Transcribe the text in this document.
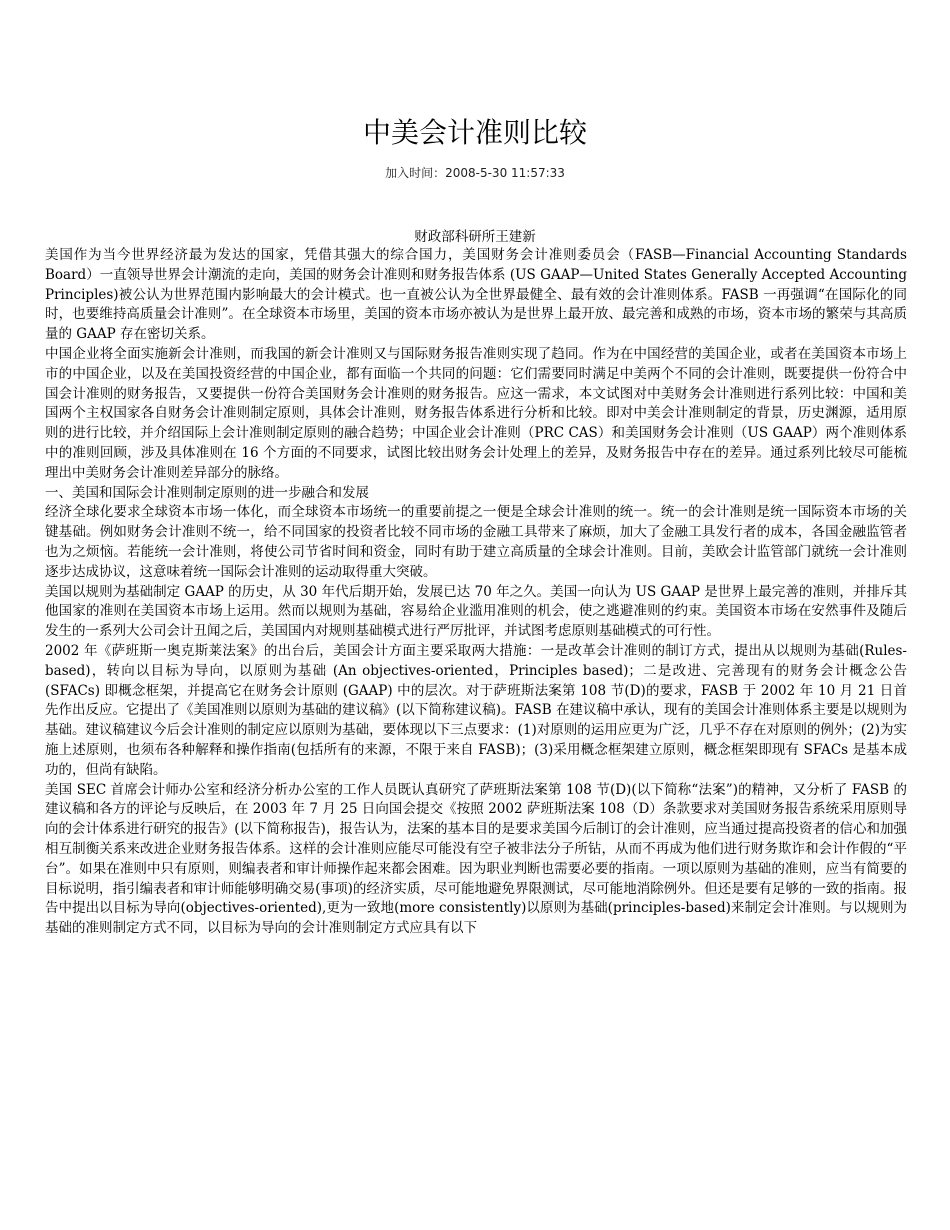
中美会计准则比较
加入时间：2008-5-30 11:57:33
财政部科研所王建新

美国作为当今世界经济最为发达的国家，凭借其强大的综合国力，美国财务会计准则委员会（FASB—Financial Accounting Standards Board）一直领导世界会计潮流的走向，美国的财务会计准则和财务报告体系 (US GAAP—United States Generally Accepted Accounting Principles)被公认为世界范围内影响最大的会计模式。也一直被公认为全世界最健全、最有效的会计准则体系。FASB 一再强调“在国际化的同时，也要维持高质量会计准则”。在全球资本市场里，美国的资本市场亦被认为是世界上最开放、最完善和成熟的市场，资本市场的繁荣与其高质量的 GAAP 存在密切关系。

中国企业将全面实施新会计准则，而我国的新会计准则又与国际财务报告准则实现了趋同。作为在中国经营的美国企业，或者在美国资本市场上市的中国企业，以及在美国投资经营的中国企业，都有面临一个共同的问题：它们需要同时满足中美两个不同的会计准则，既要提供一份符合中国会计准则的财务报告，又要提供一份符合美国财务会计准则的财务报告。应这一需求，本文试图对中美财务会计准则进行系列比较：中国和美国两个主权国家各自财务会计准则制定原则，具体会计准则，财务报告体系进行分析和比较。即对中美会计准则制定的背景，历史渊源，适用原则的进行比较，并介绍国际上会计准则制定原则的融合趋势；中国企业会计准则（PRC CAS）和美国财务会计准则（US GAAP）两个准则体系中的准则回顾，涉及具体准则在 16 个方面的不同要求，试图比较出财务会计处理上的差异，及财务报告中存在的差异。通过系列比较尽可能梳理出中美财务会计准则差异部分的脉络。

一、美国和国际会计准则制定原则的进一步融合和发展

经济全球化要求全球资本市场一体化，而全球资本市场统一的重要前提之一便是全球会计准则的统一。统一的会计准则是统一国际资本市场的关键基础。例如财务会计准则不统一，给不同国家的投资者比较不同市场的金融工具带来了麻烦，加大了金融工具发行者的成本，各国金融监管者也为之烦恼。若能统一会计准则，将使公司节省时间和资金，同时有助于建立高质量的全球会计准则。目前，美欧会计监管部门就统一会计准则逐步达成协议，这意味着统一国际会计准则的运动取得重大突破。

美国以规则为基础制定 GAAP 的历史，从 30 年代后期开始，发展已达 70 年之久。美国一向认为 US GAAP 是世界上最完善的准则，并排斥其他国家的准则在美国资本市场上运用。然而以规则为基础，容易给企业滥用准则的机会，使之逃避准则的约束。美国资本市场在安然事件及随后发生的一系列大公司会计丑闻之后，美国国内对规则基础模式进行严厉批评，并试图考虑原则基础模式的可行性。

2002 年《萨班斯一奥克斯莱法案》的出台后，美国会计方面主要采取两大措施：一是改革会计准则的制订方式，提出从以规则为基础(Rules-based)，转向以目标为导向，以原则为基础 (An objectives-oriented，Principles based)；二是改进、完善现有的财务会计概念公告 (SFACs) 即概念框架，并提高它在财务会计原则 (GAAP) 中的层次。对于萨班斯法案第 108 节(D)的要求，FASB 于 2002 年 10 月 21 日首先作出反应。它提出了《美国准则以原则为基础的建议稿》(以下简称建议稿)。FASB 在建议稿中承认，现有的美国会计准则体系主要是以规则为基础。建议稿建议今后会计准则的制定应以原则为基础，要体现以下三点要求：(1)对原则的运用应更为广泛，几乎不存在对原则的例外；(2)为实施上述原则，也须布各种解释和操作指南(包括所有的来源，不限于来自 FASB)；(3)采用概念框架建立原则，概念框架即现有 SFACs 是基本成功的，但尚有缺陷。

美国 SEC 首席会计师办公室和经济分析办公室的工作人员既认真研究了萨班斯法案第 108 节(D)(以下简称“法案”)的精神，又分析了 FASB 的建议稿和各方的评论与反映后，在 2003 年 7 月 25 日向国会提交《按照 2002 萨班斯法案 108（D）条款要求对美国财务报告系统采用原则导向的会计体系进行研究的报告》(以下简称报告)，报告认为，法案的基本目的是要求美国今后制订的会计准则，应当通过提高投资者的信心和加强相互制衡关系来改进企业财务报告体系。这样的会计准则应能尽可能没有空子被非法分子所钻，从而不再成为他们进行财务欺诈和会计作假的“平台”。如果在准则中只有原则，则编表者和审计师操作起来都会困难。因为职业判断也需要必要的指南。一项以原则为基础的准则，应当有简要的目标说明，指引编表者和审计师能够明确交易(事项)的经济实质，尽可能地避免界限测试，尽可能地消除例外。但还是要有足够的一致的指南。报告中提出以目标为导向(objectives-oriented),更为一致地(more consistently)以原则为基础(principles-based)来制定会计准则。与以规则为基础的准则制定方式不同，以目标为导向的会计准则制定方式应具有以下
